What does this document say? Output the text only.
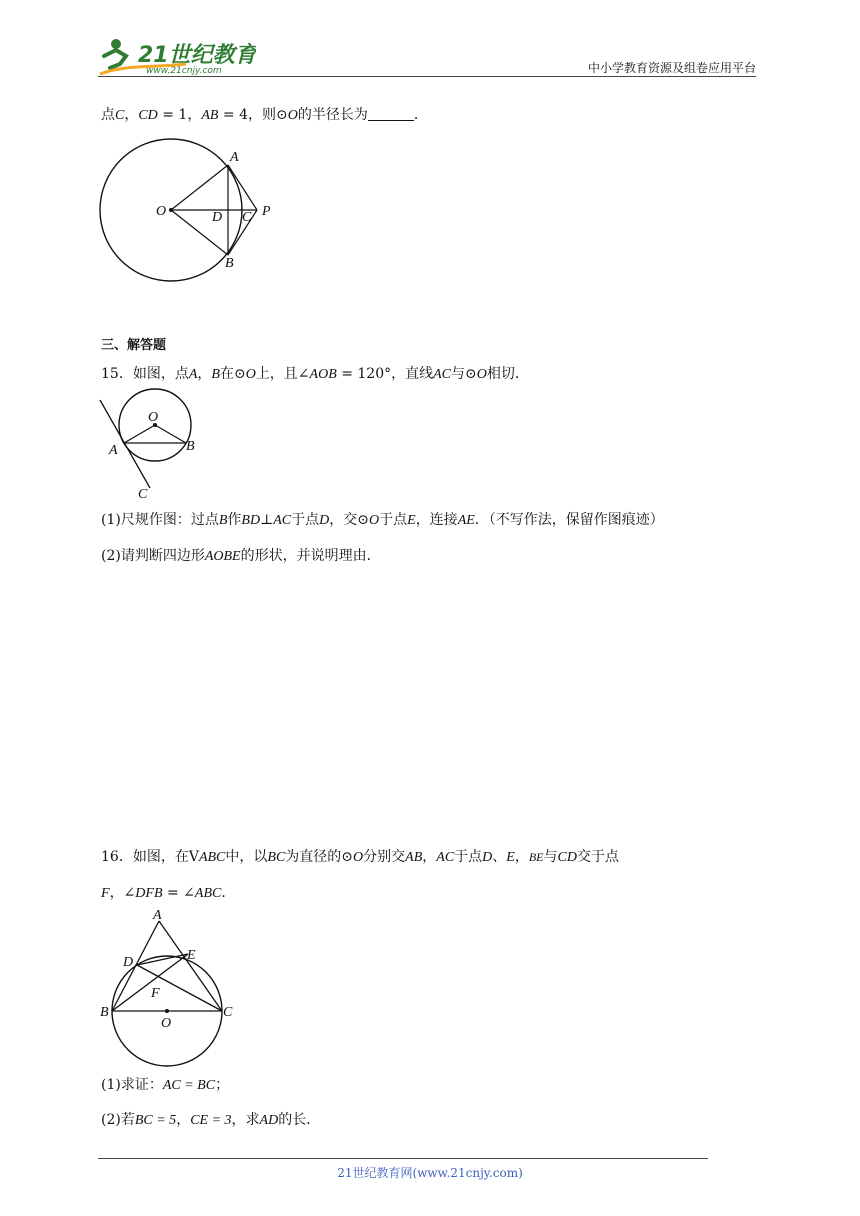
21世纪教育
www.21cnjy.com	中小学教育资源及组卷应用平台
点C，CD = 1，AB = 4，则⊙O的半径长为	．
A
O	D C P
B
三、解答题
15．如图，点A，B在⊙O上，且∠AOB = 120°，直线AC与⊙O相切．
O
A	B
C
(1)尺规作图：过点B作BD⊥AC于点D，交⊙O于点E，连接AE．（不写作法，保留作图痕迹）
(2)请判断四边形AOBE的形状，并说明理由．
16．如图，在VABC中，以BC为直径的⊙O分别交AB，AC于点D、E，BE与CD交于点
F，∠DFB = ∠ABC．
A
D	E
F
B
O
C
(1)求证：AC = BC；
(2)若BC = 5，CE = 3，求AD的长．
21世纪教育网(www.21cnjy.com)
